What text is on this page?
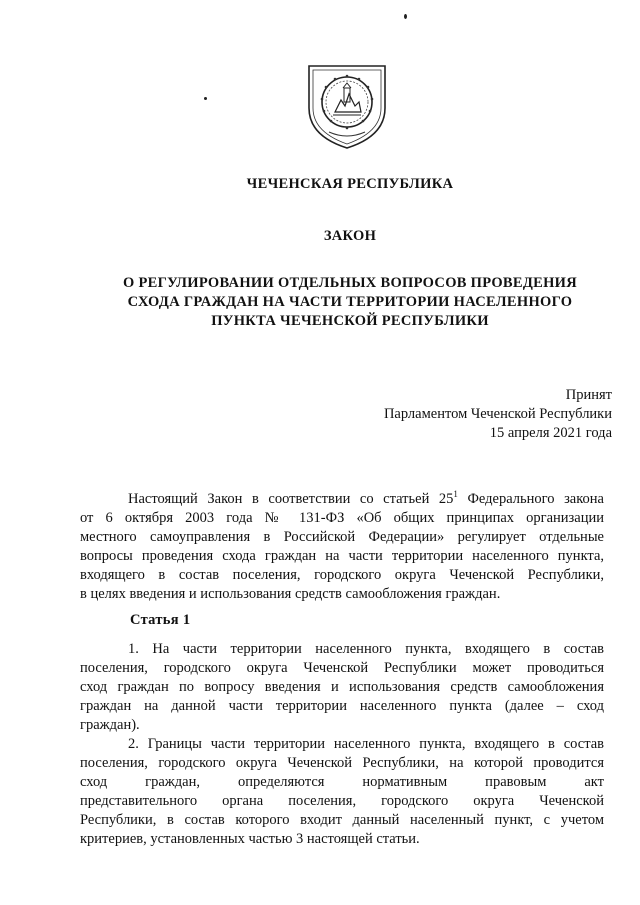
ЧЕЧЕНСКАЯ РЕСПУБЛИКА
ЗАКОН
О РЕГУЛИРОВАНИИ ОТДЕЛЬНЫХ ВОПРОСОВ ПРОВЕДЕНИЯ
СХОДА ГРАЖДАН НА ЧАСТИ ТЕРРИТОРИИ НАСЕЛЕННОГО
ПУНКТА ЧЕЧЕНСКОЙ РЕСПУБЛИКИ
Принят
Парламентом Чеченской Республики
15 апреля 2021 года
Настоящий Закон в соответствии со статьей $25^1$ Федерального закона
от 6 октября 2003 года № 131-ФЗ «Об общих принципах организации
местного самоуправления в Российской Федерации» регулирует отдельные
вопросы проведения схода граждан на части территории населенного пункта,
входящего в состав поселения, городского округа Чеченской Республики,
в целях введения и использования средств самообложения граждан.
Статья 1
1. На части территории населенного пункта, входящего в состав
поселения, городского округа Чеченской Республики может проводиться
сход граждан по вопросу введения и использования средств самообложения
граждан на данной части территории населенного пункта (далее – сход
граждан).
2. Границы части территории населенного пункта, входящего в состав
поселения, городского округа Чеченской Республики, на которой проводится
сход граждан, определяются нормативным правовым акт
представительного органа поселения, городского округа Чеченской
Республики, в состав которого входит данный населенный пункт, с учетом
критериев, установленных частью 3 настоящей статьи.
